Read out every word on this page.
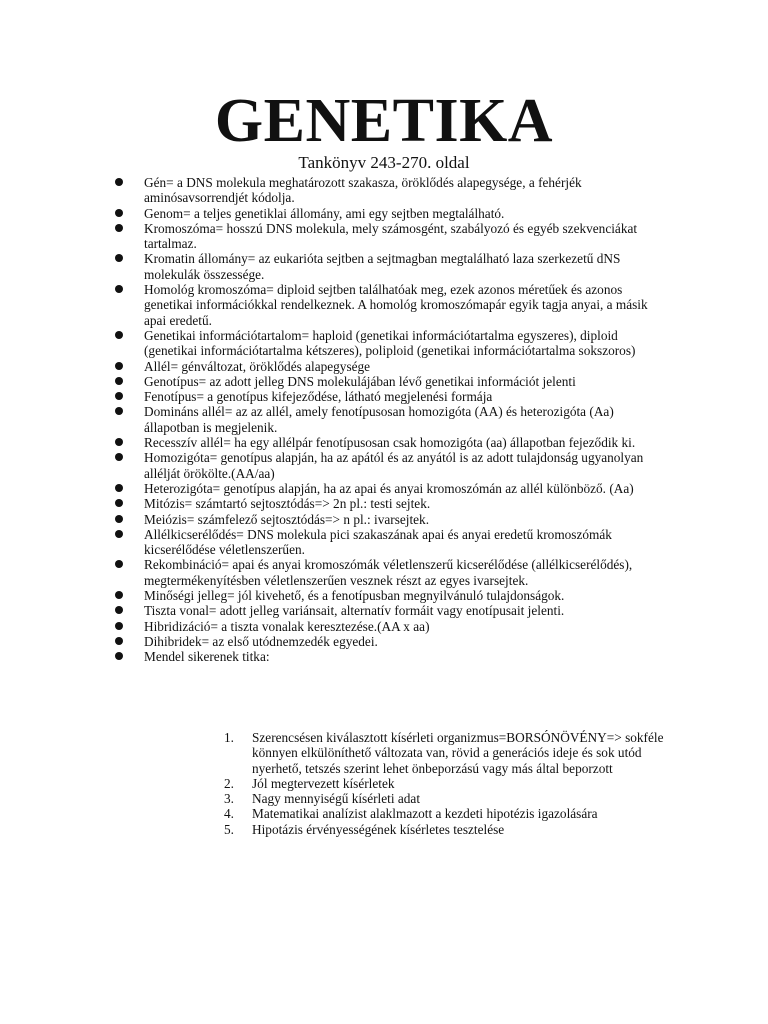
GENETIKA

Tankönyv 243-270. oldal

Gén= a DNS molekula meghatározott szakasza, öröklődés alapegysége, a fehérjék aminósavsorrendjét kódolja.
Genom= a teljes genetiklai állomány, ami egy sejtben megtalálható.
Kromoszóma= hosszú DNS molekula, mely számosgént, szabályozó és egyéb szekvenciákat tartalmaz.
Kromatin állomány= az eukarióta sejtben a sejtmagban megtalálható laza szerkezetű dNS molekulák összessége.
Homológ kromoszóma= diploid sejtben találhatóak meg, ezek azonos méretűek és azonos genetikai információkkal rendelkeznek. A homológ kromoszómapár egyik tagja anyai, a másik apai eredetű.
Genetikai információtartalom= haploid (genetikai információtartalma egyszeres), diploid (genetikai információtartalma kétszeres), poliploid (genetikai információtartalma sokszoros)
Allél= génváltozat, öröklődés alapegysége
Genotípus= az adott jelleg DNS molekulájában lévő genetikai információt jelenti
Fenotípus= a genotípus kifejeződése, látható megjelenési formája
Domináns allél= az az allél, amely fenotípusosan homozigóta (AA) és heterozigóta (Aa) állapotban is megjelenik.
Recesszív allél= ha egy allélpár fenotípusosan csak homozigóta (aa) állapotban fejeződik ki.
Homozigóta= genotípus alapján, ha az apától és az anyától is az adott tulajdonság ugyanolyan allélját örökölte.(AA/aa)
Heterozigóta= genotípus alapján, ha az apai és anyai kromoszómán az allél különböző. (Aa)
Mitózis= számtartó sejtosztódás=> 2n pl.: testi sejtek.
Meiózis= számfelező sejtosztódás=> n pl.: ivarsejtek.
Allélkicserélődés= DNS molekula pici szakaszának apai és anyai eredetű kromoszómák kicserélődése véletlenszerűen.
Rekombináció= apai és anyai kromoszómák véletlenszerű kicserélődése (allélkicserélődés), megtermékenyítésben véletlenszerűen vesznek részt az egyes ivarsejtek.
Minőségi jelleg= jól kivehető, és a fenotípusban megnyilvánuló tulajdonságok.
Tiszta vonal= adott jelleg variánsait, alternatív formáit vagy enotípusait jelenti.
Hibridizáció= a tiszta vonalak keresztezése.(AA x aa)
Dihibridek= az első utódnemzedék egyedei.
Mendel sikerenek titka:
1. Szerencsésen kiválasztott kísérleti organizmus=BORSÓNÖVÉNY=> sokféle könnyen elkülöníthető változata van, rövid a generációs ideje és sok utód nyerhető, tetszés szerint lehet önbeporzású vagy más által beporzott
2. Jól megtervezett kísérletek
3. Nagy mennyiségű kísérleti adat
4. Matematikai analízist alaklmazott a kezdeti hipotézis igazolására
5. Hipotázis érvényességének kísérletes tesztelése
